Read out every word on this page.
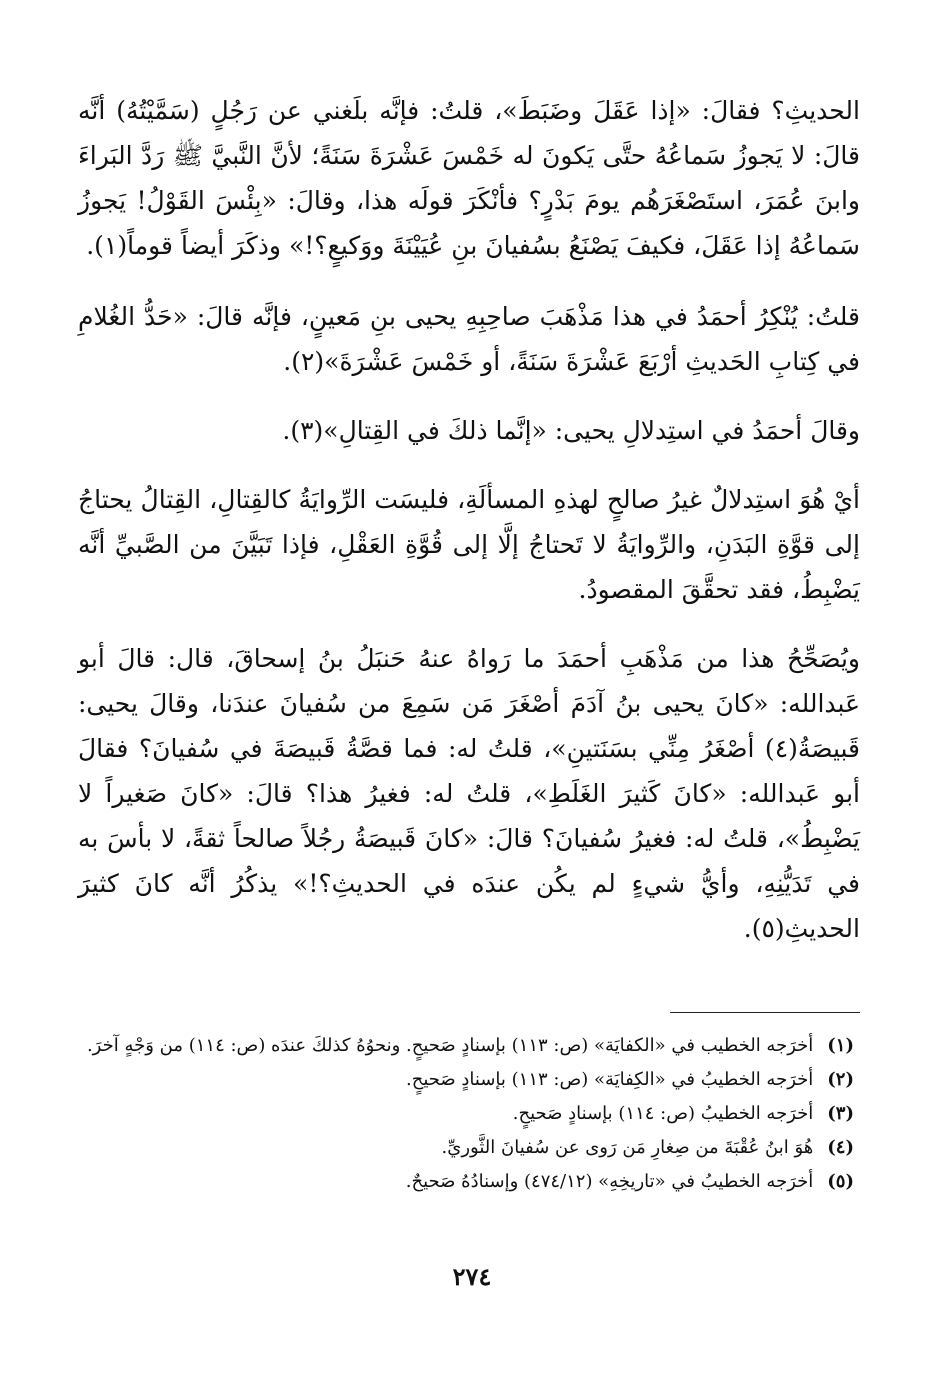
الحديثِ؟ فقالَ: «إذا عَقَلَ وضَبَطَ»، قلتُ: فإنَّه بلَغني عن رَجُلٍ (سَمَّيْتُهُ) أنَّه قالَ: لا يَجوزُ سَماعُهُ حتَّى يَكونَ له خَمْسَ عَشْرَةَ سَنَةً؛ لأنَّ النَّبيَّ ﷺ رَدَّ البَراءَ وابنَ عُمَرَ، استَصْغَرَهُم يومَ بَدْرٍ؟ فأنْكَرَ قولَه هذا، وقالَ: «بِئْسَ القَوْلُ! يَجوزُ سَماعُهُ إذا عَقَلَ، فكيفَ يَصْنَعُ بسُفيانَ بنِ عُيَيْنَةَ ووَكيعٍ؟!» وذكَرَ أيضاً قوماً(١).

قلتُ: يُنْكِرُ أحمَدُ في هذا مَذْهَبَ صاحِبِهِ يحيى بنِ مَعينٍ، فإنَّه قالَ: «حَدُّ الغُلامِ في كِتابِ الحَديثِ أرْبَعَ عَشْرَةَ سَنَةً، أو خَمْسَ عَشْرَةَ»(٢).

وقالَ أحمَدُ في استِدلالِ يحيى: «إنَّما ذلكَ في القِتالِ»(٣).

أيْ هُوَ استِدلالٌ غيرُ صالحٍ لهذهِ المسألَةِ، فليسَت الرِّوايَةُ كالقِتالِ، القِتالُ يحتاجُ إلى قوَّةِ البَدَنِ، والرِّوايَةُ لا تَحتاجُ إلَّا إلى قُوَّةِ العَقْلِ، فإذا تَبَيَّنَ من الصَّبيِّ أنَّه يَضْبِطُ، فقد تحقَّقَ المقصودُ.

ويُصَحِّحُ هذا من مَذْهَبِ أحمَدَ ما رَواهُ عنهُ حَنبَلُ بنُ إسحاقَ، قال: قالَ أبو عَبدالله: «كانَ يحيى بنُ آدَمَ أصْغَرَ مَن سَمِعَ من سُفيانَ عندَنا، وقالَ يحيى: قَبيصَةُ(٤) أصْغَرُ مِنِّي بسَنَتينِ»، قلتُ له: فما قصَّةُ قَبيصَةَ في سُفيانَ؟ فقالَ أبو عَبدالله: «كانَ كَثيرَ الغَلَطِ»، قلتُ له: فغيرُ هذا؟ قالَ: «كانَ صَغيراً لا يَضْبِطُ»، قلتُ له: فغيرُ سُفيانَ؟ قالَ: «كانَ قَبيصَةُ رجُلاً صالحاً ثقةً، لا بأسَ به في تَدَيُّنِهِ، وأيُّ شيءٍ لم يكُن عندَه في الحديثِ؟!» يذكُرُ أنَّه كانَ كثيرَ الحديثِ(٥).

(١)
أخرَجه الخطيب في «الكفايَة» (ص: ١١٣) بإسنادٍ صَحيحٍ. ونحوُهُ كذلكَ عندَه (ص: ١١٤) من وَجْهٍ آخرَ.
(٢)
أخرَجه الخطيبُ في «الكِفايَة» (ص: ١١٣) بإسنادٍ صَحيحٍ.
(٣)
أخرَجه الخطيبُ (ص: ١١٤) بإسنادٍ صَحيحٍ.
(٤)
هُوَ ابنُ عُقْبَةَ من صِغارِ مَن رَوى عن سُفيانَ الثَّوريِّ.
(٥)
أخرَجه الخطيبُ في «تاريخِهِ» (٤٧٤/١٢) وإسنادُهُ صَحيحٌ.
٢٧٤
